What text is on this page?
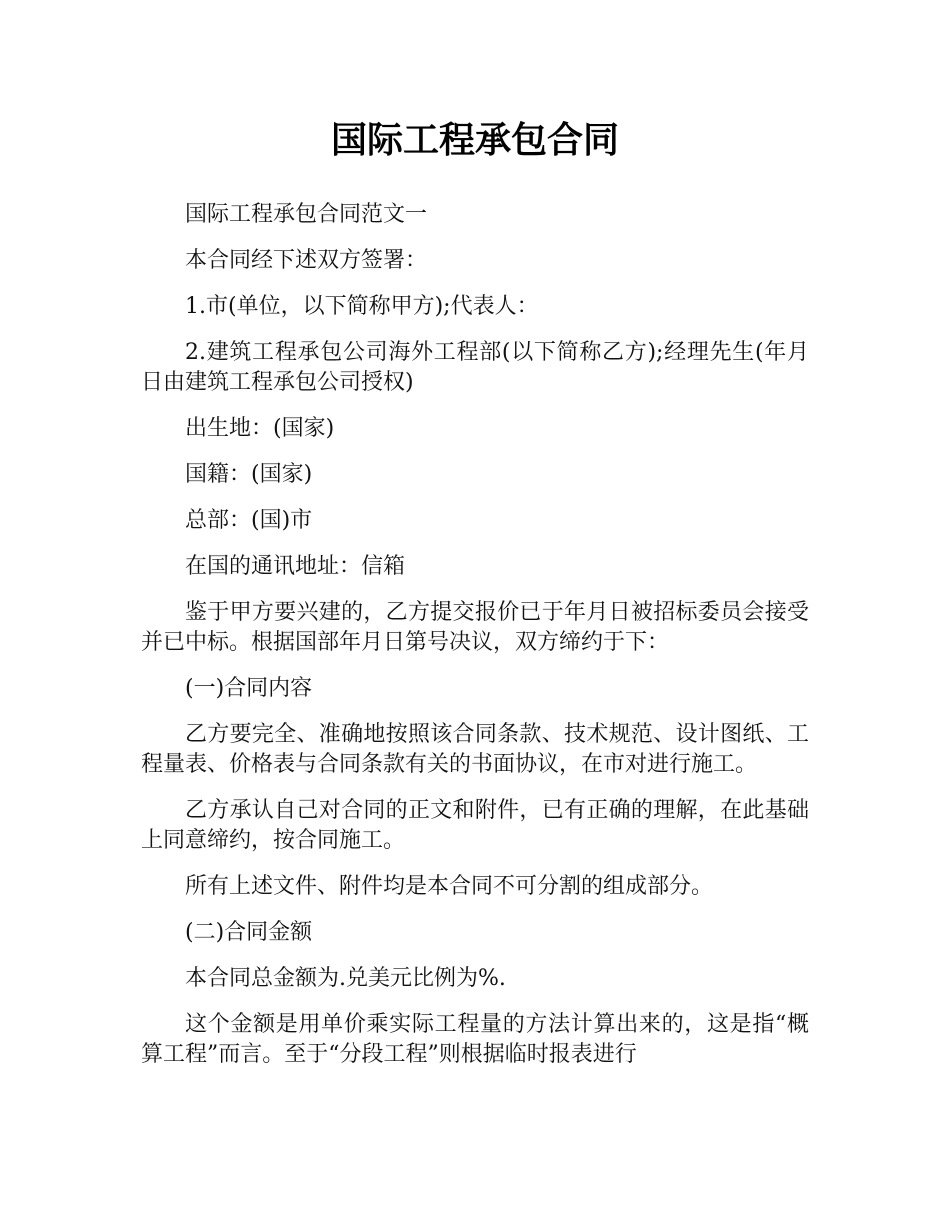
国际工程承包合同

国际工程承包合同范文一

本合同经下述双方签署：

1.市(单位，以下简称甲方);代表人：

2.建筑工程承包公司海外工程部(以下简称乙方);经理先生(年月日由建筑工程承包公司授权)

出生地：(国家)

国籍：(国家)

总部：(国)市

在国的通讯地址：信箱

鉴于甲方要兴建的，乙方提交报价已于年月日被招标委员会接受并已中标。根据国部年月日第号决议，双方缔约于下：

(一)合同内容

乙方要完全、准确地按照该合同条款、技术规范、设计图纸、工程量表、价格表与合同条款有关的书面协议，在市对进行施工。

乙方承认自己对合同的正文和附件，已有正确的理解，在此基础上同意缔约，按合同施工。

所有上述文件、附件均是本合同不可分割的组成部分。

(二)合同金额

本合同总金额为.兑美元比例为%.

这个金额是用单价乘实际工程量的方法计算出来的，这是指“概算工程”而言。至于“分段工程”则根据临时报表进行
